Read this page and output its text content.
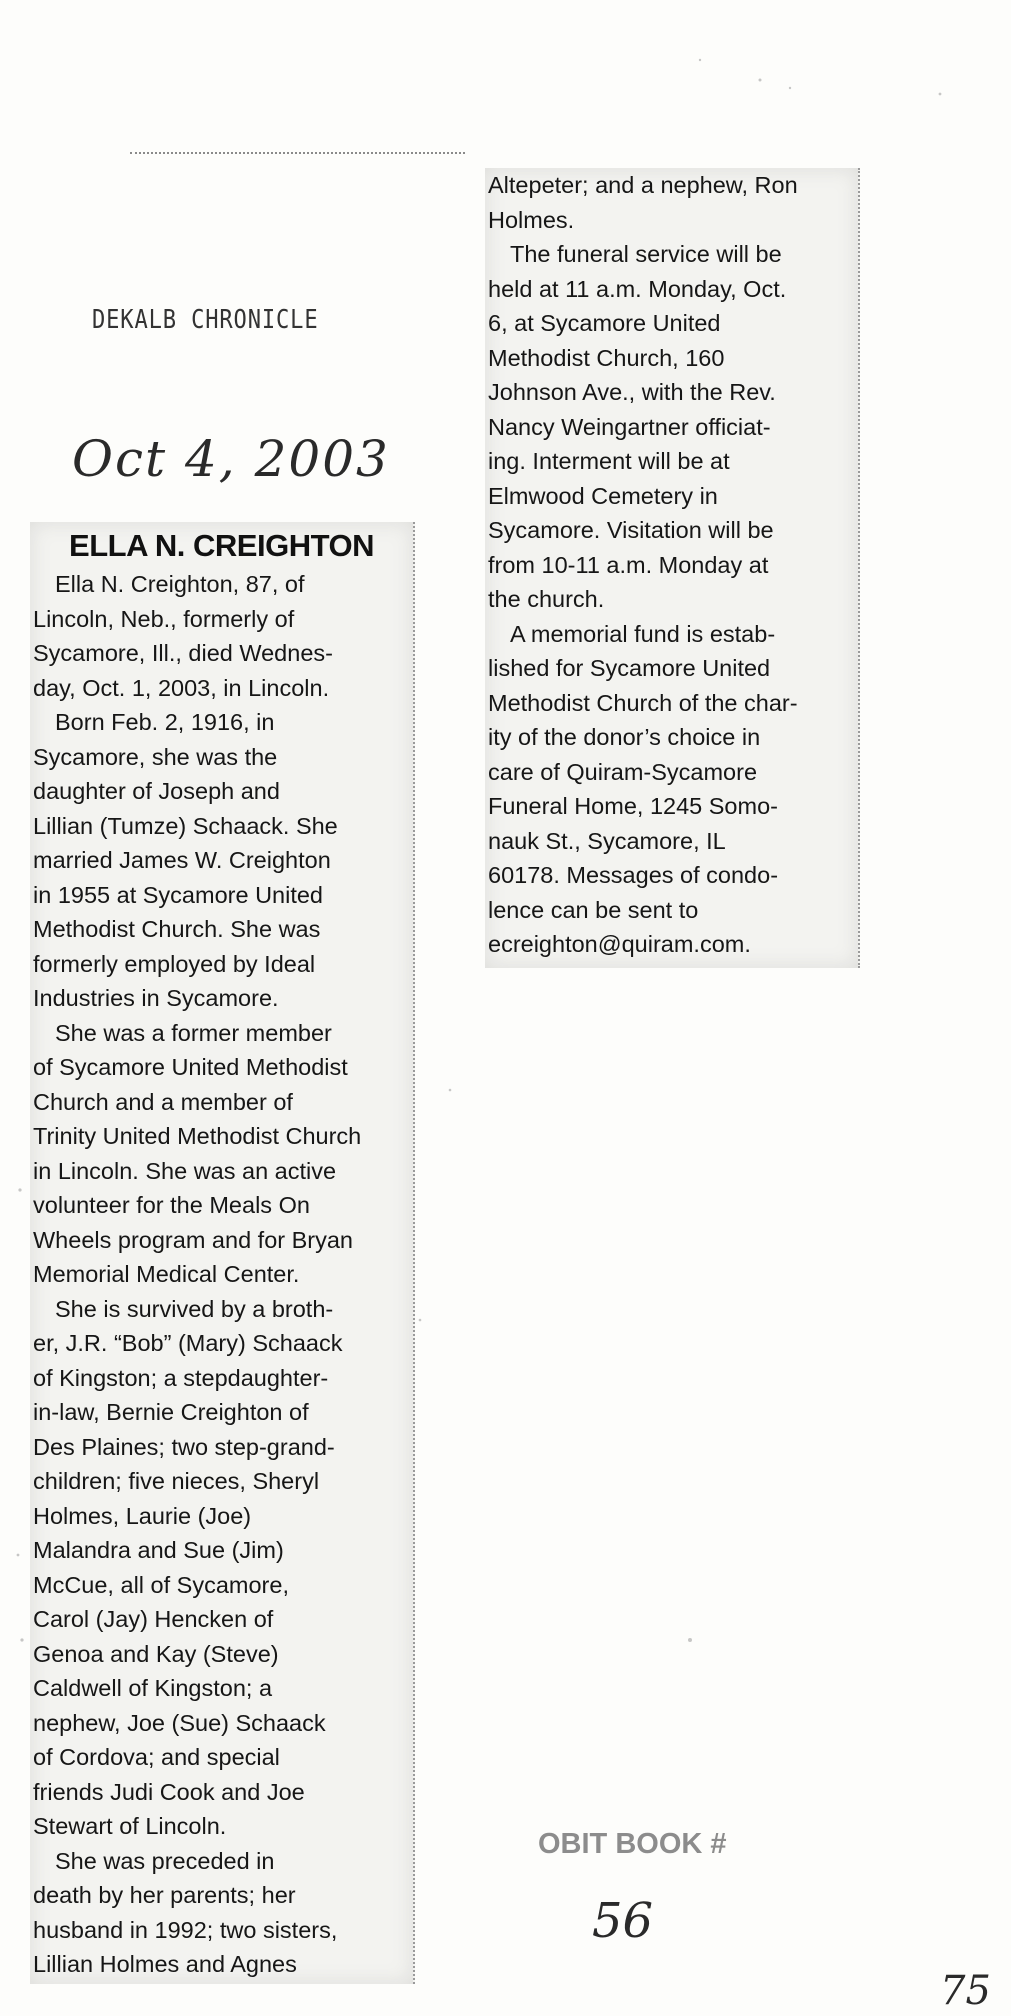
DEKALB CHRONICLE
Oct 4, 2003
ELLA N. CREIGHTON
Ella N. Creighton, 87, of
Lincoln, Neb., formerly of
Sycamore, Ill., died Wednes-
day, Oct. 1, 2003, in Lincoln.
Born Feb. 2, 1916, in
Sycamore, she was the
daughter of Joseph and
Lillian (Tumze) Schaack. She
married James W. Creighton
in 1955 at Sycamore United
Methodist Church. She was
formerly employed by Ideal
Industries in Sycamore.
She was a former member
of Sycamore United Methodist
Church and a member of
Trinity United Methodist Church
in Lincoln. She was an active
volunteer for the Meals On
Wheels program and for Bryan
Memorial Medical Center.
She is survived by a broth-
er, J.R. “Bob” (Mary) Schaack
of Kingston; a stepdaughter-
in-law, Bernie Creighton of
Des Plaines; two step-grand-
children; five nieces, Sheryl
Holmes, Laurie (Joe)
Malandra and Sue (Jim)
McCue, all of Sycamore,
Carol (Jay) Hencken of
Genoa and Kay (Steve)
Caldwell of Kingston; a
nephew, Joe (Sue) Schaack
of Cordova; and special
friends Judi Cook and Joe
Stewart of Lincoln.
She was preceded in
death by her parents; her
husband in 1992; two sisters,
Lillian Holmes and Agnes
Altepeter; and a nephew, Ron
Holmes.
The funeral service will be
held at 11 a.m. Monday, Oct.
6, at Sycamore United
Methodist Church, 160
Johnson Ave., with the Rev.
Nancy Weingartner officiat-
ing. Interment will be at
Elmwood Cemetery in
Sycamore. Visitation will be
from 10-11 a.m. Monday at
the church.
A memorial fund is estab-
lished for Sycamore United
Methodist Church of the char-
ity of the donor’s choice in
care of Quiram-Sycamore
Funeral Home, 1245 Somo-
nauk St., Sycamore, IL
60178. Messages of condo-
lence can be sent to
ecreighton@quiram.com.
OBIT BOOK #
56
75
